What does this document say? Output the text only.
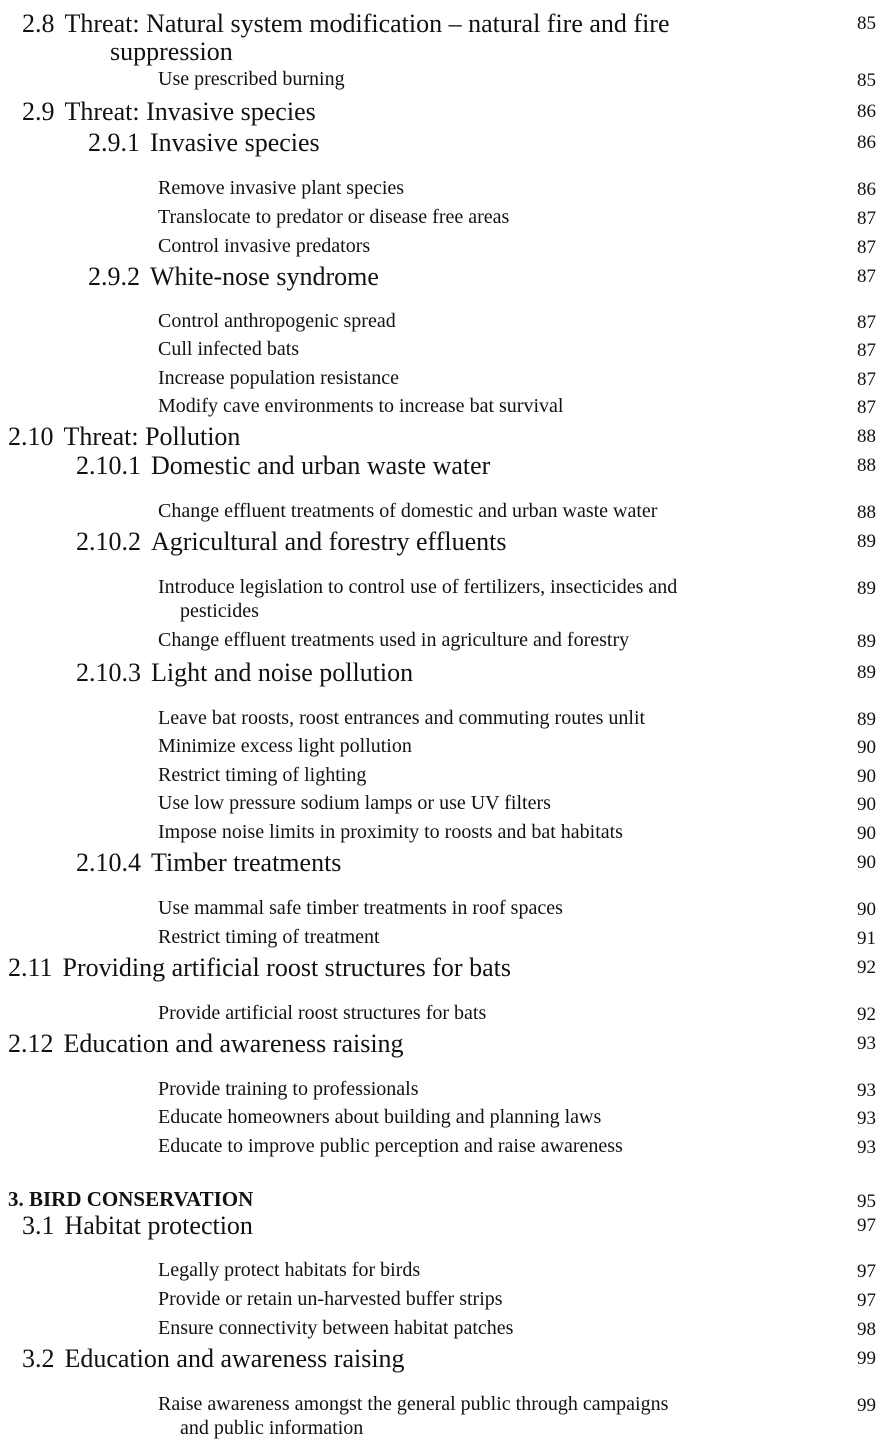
2.8 Threat: Natural system modification – natural fire and fire	85
suppression
Use prescribed burning	85
2.9 Threat: Invasive species	86
2.9.1 Invasive species	86
Remove invasive plant species	86
Translocate to predator or disease free areas	87
Control invasive predators	87
2.9.2 White-nose syndrome	87
Control anthropogenic spread	87
Cull infected bats	87
Increase population resistance	87
Modify cave environments to increase bat survival	87
2.10 Threat: Pollution	88
2.10.1 Domestic and urban waste water	88
Change effluent treatments of domestic and urban waste water	88
2.10.2 Agricultural and forestry effluents	89
Introduce legislation to control use of fertilizers, insecticides and	89
pesticides
Change effluent treatments used in agriculture and forestry	89
2.10.3 Light and noise pollution	89
Leave bat roosts, roost entrances and commuting routes unlit	89
Minimize excess light pollution	90
Restrict timing of lighting	90
Use low pressure sodium lamps or use UV filters	90
Impose noise limits in proximity to roosts and bat habitats	90
2.10.4 Timber treatments	90
Use mammal safe timber treatments in roof spaces	90
Restrict timing of treatment	91
2.11 Providing artificial roost structures for bats	92
Provide artificial roost structures for bats	92
2.12 Education and awareness raising	93
Provide training to professionals	93
Educate homeowners about building and planning laws	93
Educate to improve public perception and raise awareness	93
3. BIRD CONSERVATION	95
3.1 Habitat protection	97
Legally protect habitats for birds	97
Provide or retain un-harvested buffer strips	97
Ensure connectivity between habitat patches	98
3.2 Education and awareness raising	99
Raise awareness amongst the general public through campaigns	99
and public information
